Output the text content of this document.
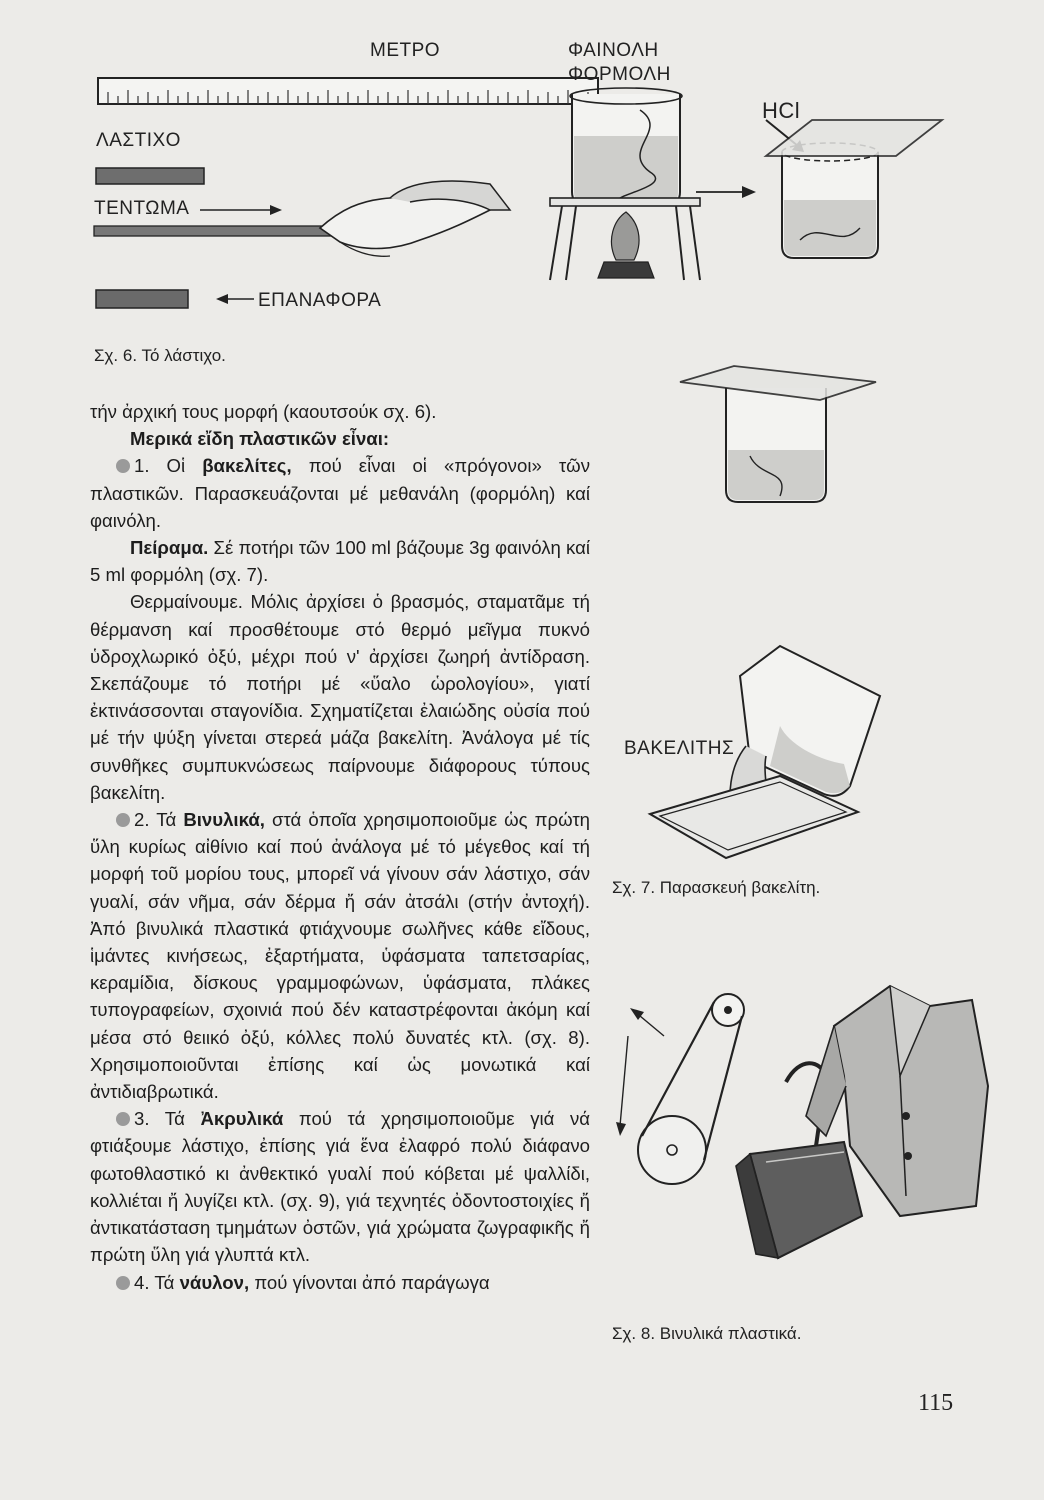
ΜΕΤΡΟ
ΛΑΣΤΙΧΟ
ΤΕΝΤΩΜΑ
ΕΠΑΝΑΦΟΡΑ
Σχ. 6. Τό λάστιχο.
ΦΑΙΝΟΛΗ
ΦΟΡΜΟΛΗ
HCl
ΒΑΚΕΛΙΤΗΣ
Σχ. 7. Παρασκευή βακελίτη.
Σχ. 8. Βινυλικά πλαστικά.

τήν ἀρχική τους μορφή (καουτσούκ σχ. 6).

Μερικά εἴδη πλαστικῶν εἶναι:

1. Οἱ βακελίτες, πού εἶναι οἱ «πρόγονοι» τῶν πλαστικῶν. Παρασκευάζονται μέ μεθανάλη (φορμόλη) καί φαινόλη.

Πείραμα. Σέ ποτήρι τῶν 100 ml βάζουμε 3g φαινόλη καί 5 ml φορμόλη (σχ. 7).

Θερμαίνουμε. Μόλις ἀρχίσει ὁ βρασμός, σταματᾶμε τή θέρμανση καί προσθέτουμε στό θερμό μεῖγμα πυκνό ὑδροχλωρικό ὀξύ, μέχρι πού ν' ἀρχίσει ζωηρή ἀντίδραση. Σκεπάζουμε τό ποτήρι μέ «ὕαλο ὡρολογίου», γιατί ἐκτινάσσονται σταγονίδια. Σχηματίζεται ἐλαιώδης οὐσία πού μέ τήν ψύξη γίνεται στερεά μάζα βακελίτη. Ἀνάλογα μέ τίς συνθῆκες συμπυκνώσεως παίρνουμε διάφορους τύπους βακελίτη.

2. Τά Βινυλικά, στά ὁποῖα χρησιμοποιοῦμε ὡς πρώτη ὕλη κυρίως αἰθίνιο καί πού ἀνάλογα μέ τό μέγεθος καί τή μορφή τοῦ μορίου τους, μπορεῖ νά γίνουν σάν λάστιχο, σάν γυαλί, σάν νῆμα, σάν δέρμα ἤ σάν ἀτσάλι (στήν ἀντοχή). Ἀπό βινυλικά πλαστικά φτιάχνουμε σωλῆνες κάθε εἴδους, ἱμάντες κινήσεως, ἐξαρτήματα, ὑφάσματα ταπετσαρίας, κεραμίδια, δίσκους γραμμοφώνων, ὑφάσματα, πλάκες τυπογραφείων, σχοινιά πού δέν καταστρέφονται ἀκόμη καί μέσα στό θειικό ὀξύ, κόλλες πολύ δυνατές κτλ. (σχ. 8). Χρησιμοποιοῦνται ἐπίσης καί ὡς μονωτικά καί ἀντιδιαβρωτικά.

3. Τά Ἀκρυλικά πού τά χρησιμοποιοῦμε γιά νά φτιάξουμε λάστιχο, ἐπίσης γιά ἕνα ἐλαφρό πολύ διάφανο φωτοθλαστικό κι ἀνθεκτικό γυαλί πού κόβεται μέ ψαλλίδι, κολλιέται ἤ λυγίζει κτλ. (σχ. 9), γιά τεχνητές ὀδοντοστοιχίες ἤ ἀντικατάσταση τμημάτων ὀστῶν, γιά χρώματα ζωγραφικῆς ἤ πρώτη ὕλη γιά γλυπτά κτλ.

4. Τά νάυλον, πού γίνονται ἀπό παράγωγα

115
